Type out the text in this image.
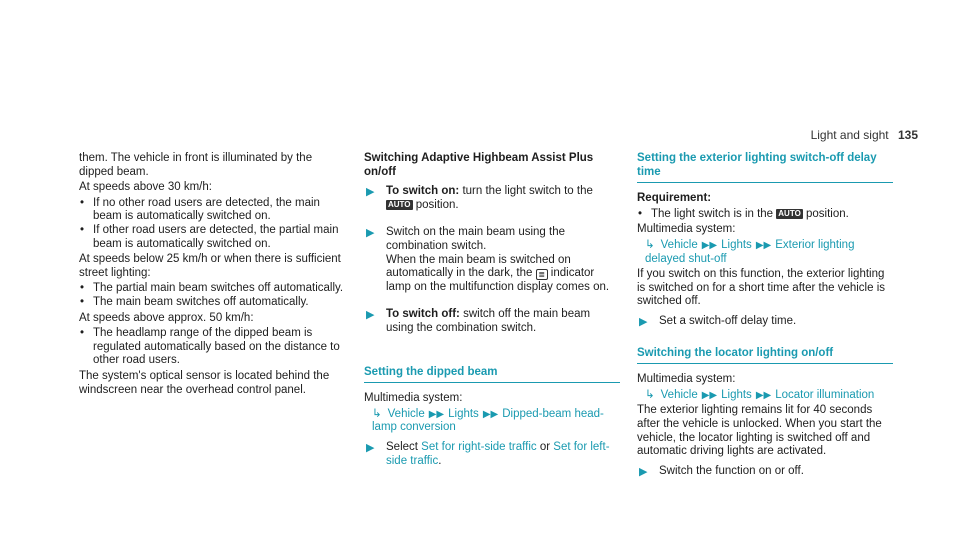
Light and sight 135

them. The vehicle in front is illuminated by the dipped beam.

At speeds above 30 km/h:

• If no other road users are detected, the main beam is automatically switched on.
• If other road users are detected, the partial main beam is automatically switched on.

At speeds below 25 km/h or when there is sufficient street lighting:

• The partial main beam switches off automatically.
• The main beam switches off automatically.

At speeds above approx. 50 km/h:

• The headlamp range of the dipped beam is regulated automatically based on the distance to other road users.

The system's optical sensor is located behind the windscreen near the overhead control panel.

Switching Adaptive Highbeam Assist Plus on/off
▶ To switch on: turn the light switch to the AUTO position.
▶ Switch on the main beam using the combination switch.
When the main beam is switched on automatically in the dark, the ≣ indicator lamp on the multifunction display comes on.
▶ To switch off: switch off the main beam using the combination switch.
Setting the dipped beam

Multimedia system:

↳ Vehicle ▶▶ Lights ▶▶ Dipped-beam head-lamp conversion
▶ Select Set for right-side traffic or Set for left-side traffic.
Setting the exterior lighting switch-off delay time

Requirement:

• The light switch is in the AUTO position.

Multimedia system:

↳ Vehicle ▶▶ Lights ▶▶ Exterior lighting delayed shut-off

If you switch on this function, the exterior lighting is switched on for a short time after the vehicle is switched off.

▶ Set a switch-off delay time.
Switching the locator lighting on/off

Multimedia system:

↳ Vehicle ▶▶ Lights ▶▶ Locator illumination

The exterior lighting remains lit for 40 seconds after the vehicle is unlocked. When you start the vehicle, the locator lighting is switched off and automatic driving lights are activated.

▶ Switch the function on or off.
